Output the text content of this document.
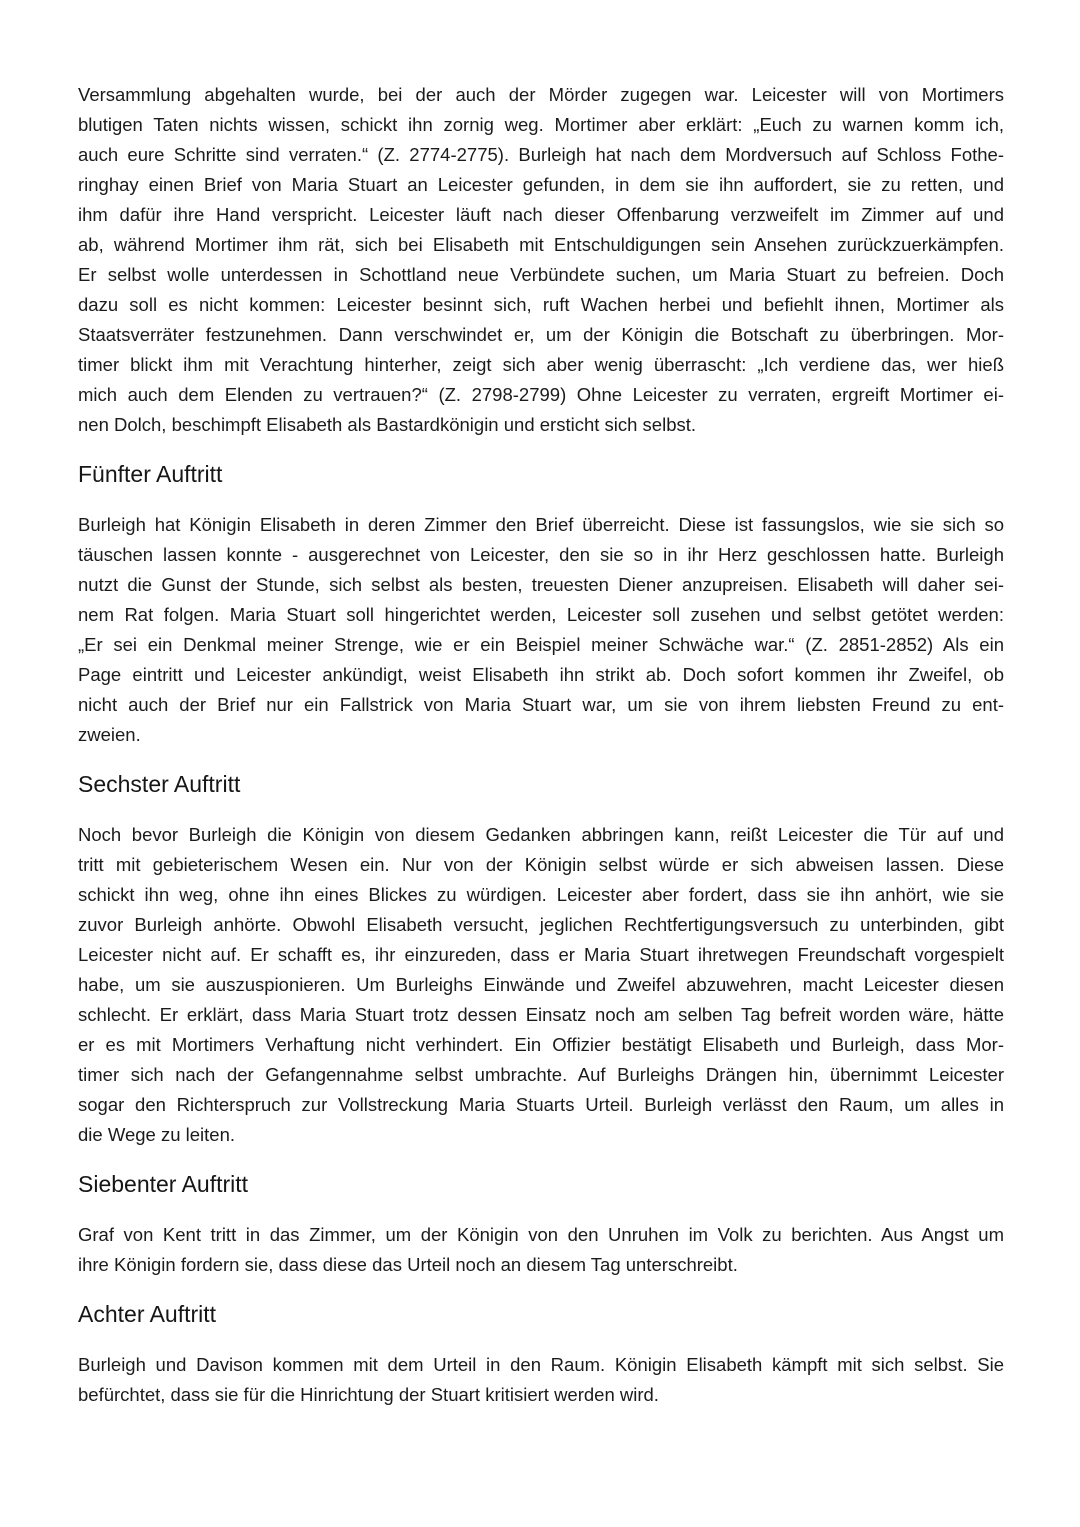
Versammlung abgehalten wurde, bei der auch der Mörder zugegen war. Leicester will von Mortimers
blutigen Taten nichts wissen, schickt ihn zornig weg. Mortimer aber erklärt: „Euch zu warnen komm ich,
auch eure Schritte sind verraten.“ (Z. 2774-2775). Burleigh hat nach dem Mordversuch auf Schloss Fothe-
ringhay einen Brief von Maria Stuart an Leicester gefunden, in dem sie ihn auffordert, sie zu retten, und
ihm dafür ihre Hand verspricht. Leicester läuft nach dieser Offenbarung verzweifelt im Zimmer auf und
ab, während Mortimer ihm rät, sich bei Elisabeth mit Entschuldigungen sein Ansehen zurückzuerkämpfen.
Er selbst wolle unterdessen in Schottland neue Verbündete suchen, um Maria Stuart zu befreien. Doch
dazu soll es nicht kommen: Leicester besinnt sich, ruft Wachen herbei und befiehlt ihnen, Mortimer als
Staatsverräter festzunehmen. Dann verschwindet er, um der Königin die Botschaft zu überbringen. Mor-
timer blickt ihm mit Verachtung hinterher, zeigt sich aber wenig überrascht: „Ich verdiene das, wer hieß
mich auch dem Elenden zu vertrauen?“ (Z. 2798-2799) Ohne Leicester zu verraten, ergreift Mortimer ei-
nen Dolch, beschimpft Elisabeth als Bastardkönigin und ersticht sich selbst.
Fünfter Auftritt
Burleigh hat Königin Elisabeth in deren Zimmer den Brief überreicht. Diese ist fassungslos, wie sie sich so
täuschen lassen konnte - ausgerechnet von Leicester, den sie so in ihr Herz geschlossen hatte. Burleigh
nutzt die Gunst der Stunde, sich selbst als besten, treuesten Diener anzupreisen. Elisabeth will daher sei-
nem Rat folgen. Maria Stuart soll hingerichtet werden, Leicester soll zusehen und selbst getötet werden:
„Er sei ein Denkmal meiner Strenge, wie er ein Beispiel meiner Schwäche war.“ (Z. 2851-2852) Als ein
Page eintritt und Leicester ankündigt, weist Elisabeth ihn strikt ab. Doch sofort kommen ihr Zweifel, ob
nicht auch der Brief nur ein Fallstrick von Maria Stuart war, um sie von ihrem liebsten Freund zu ent-
zweien.
Sechster Auftritt
Noch bevor Burleigh die Königin von diesem Gedanken abbringen kann, reißt Leicester die Tür auf und
tritt mit gebieterischem Wesen ein. Nur von der Königin selbst würde er sich abweisen lassen. Diese
schickt ihn weg, ohne ihn eines Blickes zu würdigen. Leicester aber fordert, dass sie ihn anhört, wie sie
zuvor Burleigh anhörte. Obwohl Elisabeth versucht, jeglichen Rechtfertigungsversuch zu unterbinden, gibt
Leicester nicht auf. Er schafft es, ihr einzureden, dass er Maria Stuart ihretwegen Freundschaft vorgespielt
habe, um sie auszuspionieren. Um Burleighs Einwände und Zweifel abzuwehren, macht Leicester diesen
schlecht. Er erklärt, dass Maria Stuart trotz dessen Einsatz noch am selben Tag befreit worden wäre, hätte
er es mit Mortimers Verhaftung nicht verhindert. Ein Offizier bestätigt Elisabeth und Burleigh, dass Mor-
timer sich nach der Gefangennahme selbst umbrachte. Auf Burleighs Drängen hin, übernimmt Leicester
sogar den Richterspruch zur Vollstreckung Maria Stuarts Urteil. Burleigh verlässt den Raum, um alles in
die Wege zu leiten.
Siebenter Auftritt
Graf von Kent tritt in das Zimmer, um der Königin von den Unruhen im Volk zu berichten. Aus Angst um
ihre Königin fordern sie, dass diese das Urteil noch an diesem Tag unterschreibt.
Achter Auftritt
Burleigh und Davison kommen mit dem Urteil in den Raum. Königin Elisabeth kämpft mit sich selbst. Sie
befürchtet, dass sie für die Hinrichtung der Stuart kritisiert werden wird.
